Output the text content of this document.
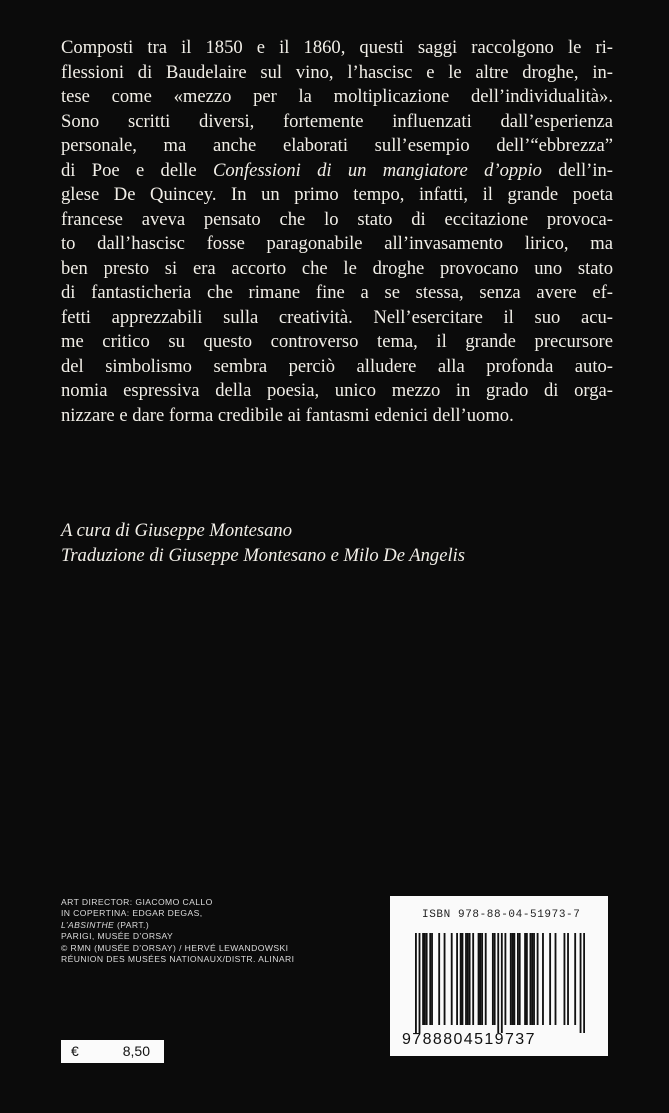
Composti tra il 1850 e il 1860, questi saggi raccolgono le ri-
flessioni di Baudelaire sul vino, l’hascisc e le altre droghe, in-
tese come «mezzo per la moltiplicazione dell’individualità».
Sono scritti diversi, fortemente influenzati dall’esperienza
personale, ma anche elaborati sull’esempio dell’“ebbrezza”
di Poe e delle Confessioni di un mangiatore d’oppio dell’in-
glese De Quincey. In un primo tempo, infatti, il grande poeta
francese aveva pensato che lo stato di eccitazione provoca-
to dall’hascisc fosse paragonabile all’invasamento lirico, ma
ben presto si era accorto che le droghe provocano uno stato
di fantasticheria che rimane fine a se stessa, senza avere ef-
fetti apprezzabili sulla creatività. Nell’esercitare il suo acu-
me critico su questo controverso tema, il grande precursore
del simbolismo sembra perciò alludere alla profonda auto-
nomia espressiva della poesia, unico mezzo in grado di orga-
nizzare e dare forma credibile ai fantasmi edenici dell’uomo.
A cura di Giuseppe Montesano
Traduzione di Giuseppe Montesano e Milo De Angelis
ART DIRECTOR: GIACOMO CALLO
IN COPERTINA: EDGAR DEGAS,
L’ABSINTHE (PART.)
PARIGI, MUSÉE D’ORSAY
© RMN (MUSÉE D’ORSAY) / HERVÉ LEWANDOWSKI
RÉUNION DES MUSÉES NATIONAUX/DISTR. ALINARI
ISBN 978-88-04-51973-7
9788804519737
€	8,50
